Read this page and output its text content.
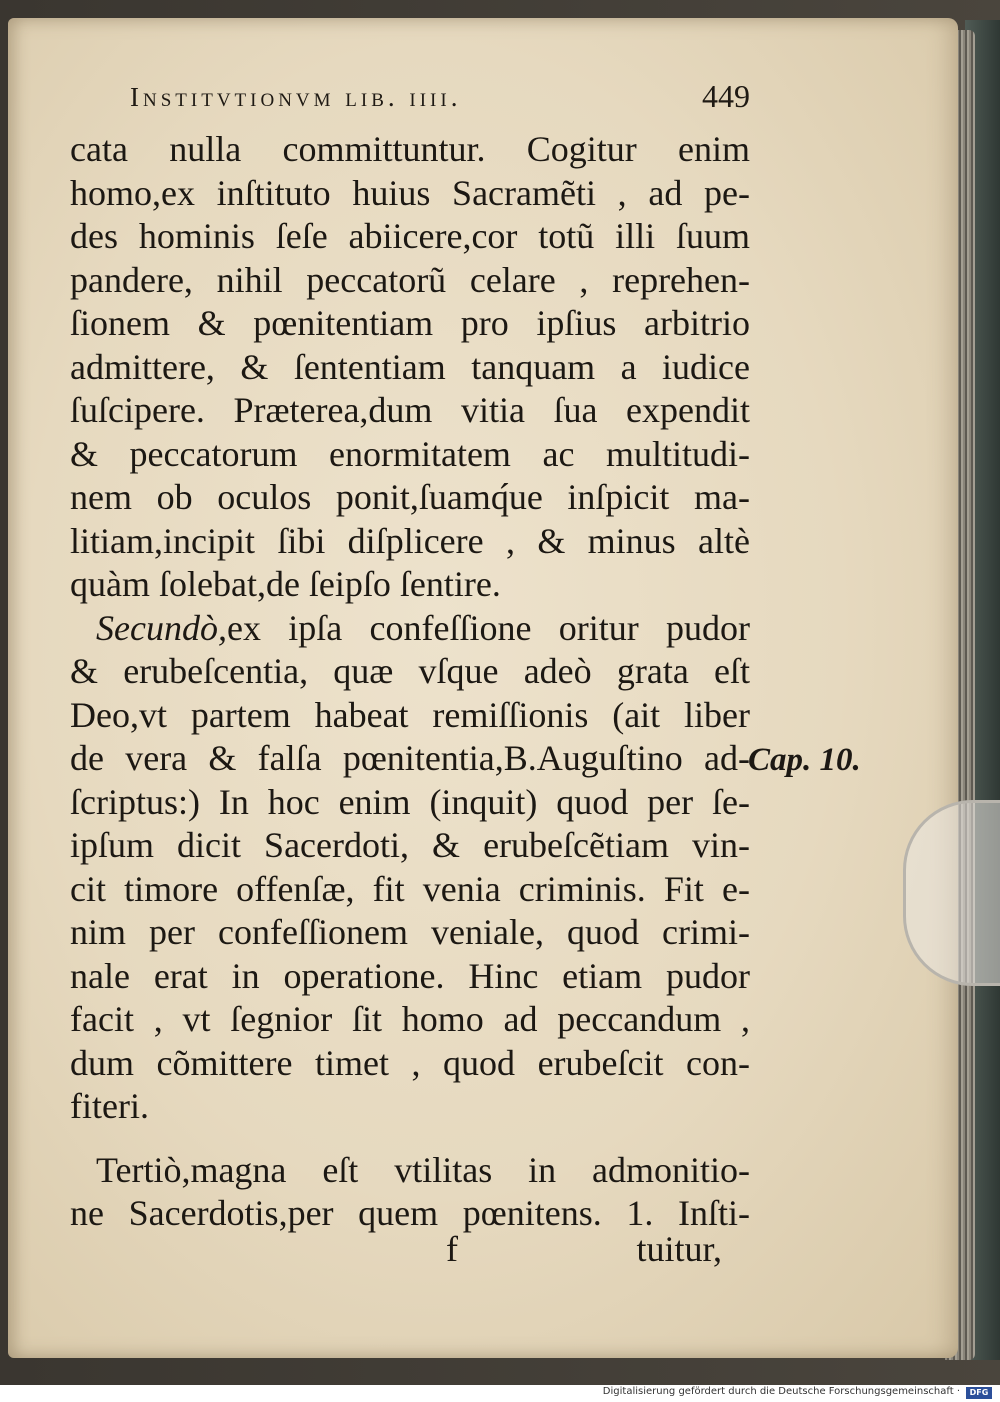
Institvtionvm lib. iiii.	449
cata nulla committuntur. Cogitur enim
homo,ex inſtituto huius Sacramẽti , ad pe-
des hominis ſeſe abiicere,cor totũ illi ſuum
pandere, nihil peccatorũ celare , reprehen-
ſionem & pœnitentiam pro ipſius arbitrio
admittere, & ſententiam tanquam a iudice
ſuſcipere. Præterea,dum vitia ſua expendit
& peccatorum enormitatem ac multitudi-
nem ob oculos ponit,ſuamq́ue inſpicit ma-
litiam,incipit ſibi diſplicere , & minus altè
quàm ſolebat,de ſeipſo ſentire.
Secundò,ex ipſa confeſſione oritur pudor
& erubeſcentia, quæ vſque adeò grata eſt
Deo,vt partem habeat remiſſionis (ait liber
de vera & falſa pœnitentia,B.Auguſtino ad-
ſcriptus:) In hoc enim (inquit) quod per ſe-
ipſum dicit Sacerdoti, & erubeſcẽtiam vin-
cit timore offenſæ, fit venia criminis. Fit e-
nim per confeſſionem veniale, quod crimi-
nale erat in operatione. Hinc etiam pudor
facit , vt ſegnior ſit homo ad peccandum ,
dum cõmittere timet , quod erubeſcit con-
fiteri.
Tertiò,magna eſt vtilitas in admonitio-
ne Sacerdotis,per quem pœnitens. 1. Inſti-
f	tuitur,
Cap. 10.
Digitalisierung gefördert durch die Deutsche Forschungsgemeinschaft ·	DFG
